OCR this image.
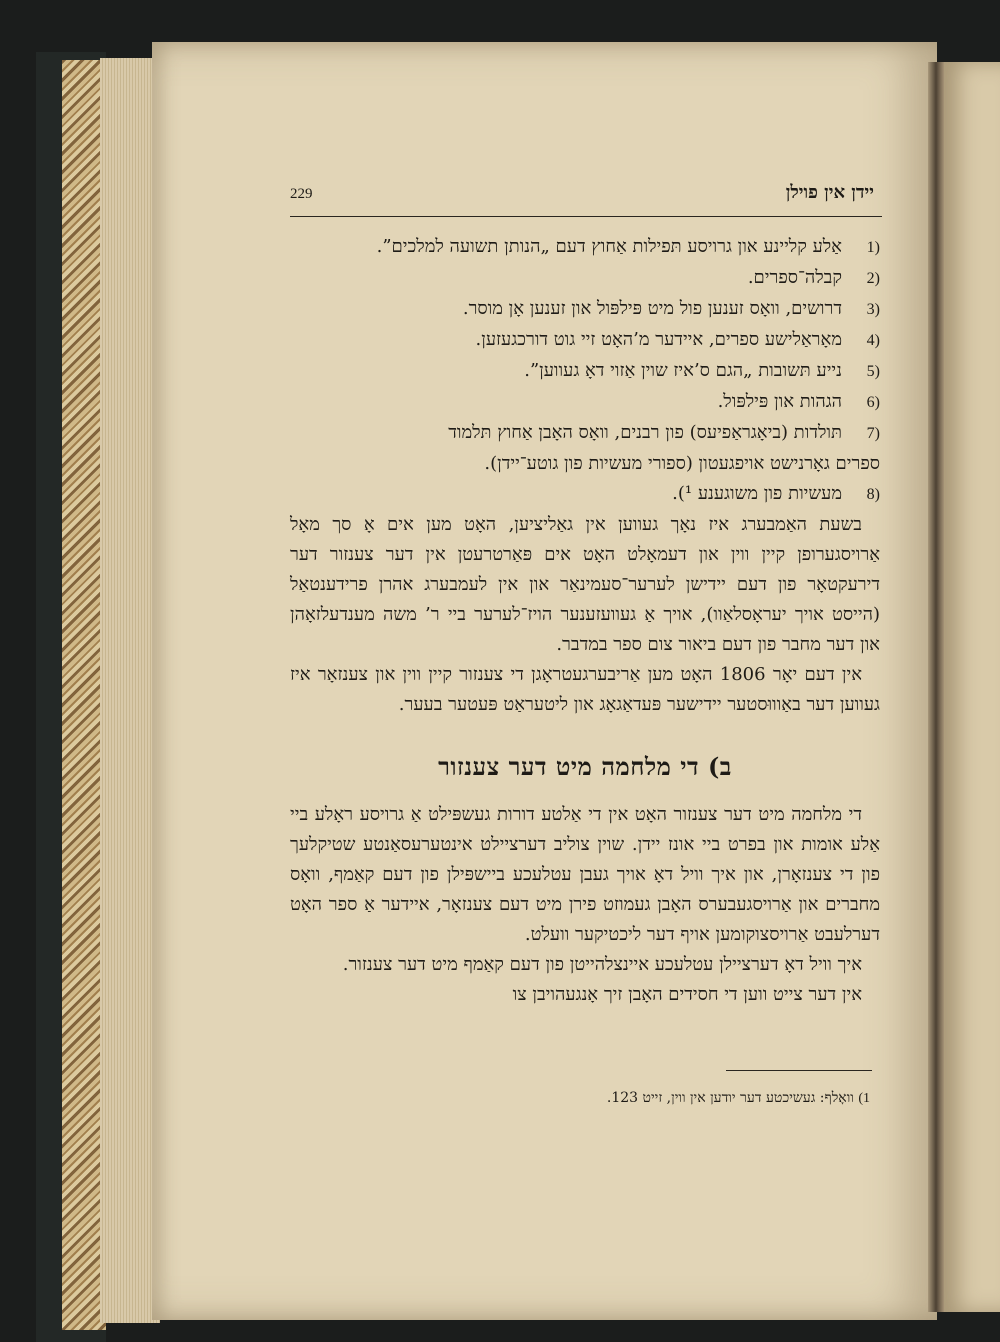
229	יידן אין פוילן
1)
אַלע קליינע און גרויסע תּפילות אַחוץ דעם „הנותן תשועה למלכים”.
2)
קבלה־ספרים.
3)
דרושים, וואָס זענען פול מיט פּילפּול און זענען אָן מוסר.
4)
מאָראַלישע ספרים, איידער מ’האָט זיי גוט דורכגעזען.
5)
נייע תּשובות „הגם ס’איז שוין אַזוי דאָ געווען”.
6)
הגהות און פּילפּול.
7)
תּולדות (ביאָגראַפיעס) פון רבנים, וואָס האָבן אַחוץ תּלמוד
ספרים גאָרנישט אויפגעטון (ספורי מעשיות פון גוטע־יידן).
8)
מעשיות פון משוגענע ¹).

בשעת האַמבערג איז נאָך געווען אין גאַליציען, האָט מען אים אָ סך מאָל אַרויסגערופן קיין ווין און דעמאָלט האָט אים פּאַרטרעטן אין דער צענזור דער דירעקטאָר פון דעם יידישן לערער־סעמינאַר און אין לעמבערג אהרן פרידענטאַל (הייסט אויך יעראָסלאַוו), אויך אַ געוועזענער הויז־לערער ביי ר’ משה מענדעלזאָהן און דער מחבר פון דעם ביאור צום ספר במדבר.

אין דעם יאָר 1806 האָט מען אַריבערגעטראָגן די צענזור קיין ווין און צענזאָר איז געווען דער באַוווּסטער יידישער פּעדאַגאָג און ליטעראַט פּעטער בעער.

ב) די מלחמה מיט דער צענזור

די מלחמה מיט דער צענזור האָט אין די אַלטע דורות געשפּילט אַ גרויסע ראָלע ביי אַלע אומות און בפרט ביי אונז יידן. שוין צוליב דערציילט אינטערעסאַנטע שטיקלעך פון די צענזאָרן, און איך וויל דאָ אויך געבן עטלעכע ביישפּילן פון דעם קאַמף, וואָס מחברים און אַרויסגעבערס האָבן געמוזט פירן מיט דעם צענזאָר, איידער אַ ספר האָט דערלעבט אַרויסצוקומען אויף דער ליכטיקער וועלט.

איך וויל דאָ דערציילן עטלעכע איינצלהייטן פון דעם קאַמף מיט דער צענזור.

אין דער צייט ווען די חסידים האָבן זיך אָנגעהויבן צו

1) וואָלף: געשיכטע דער יודען אין ווין, זייט 123.
